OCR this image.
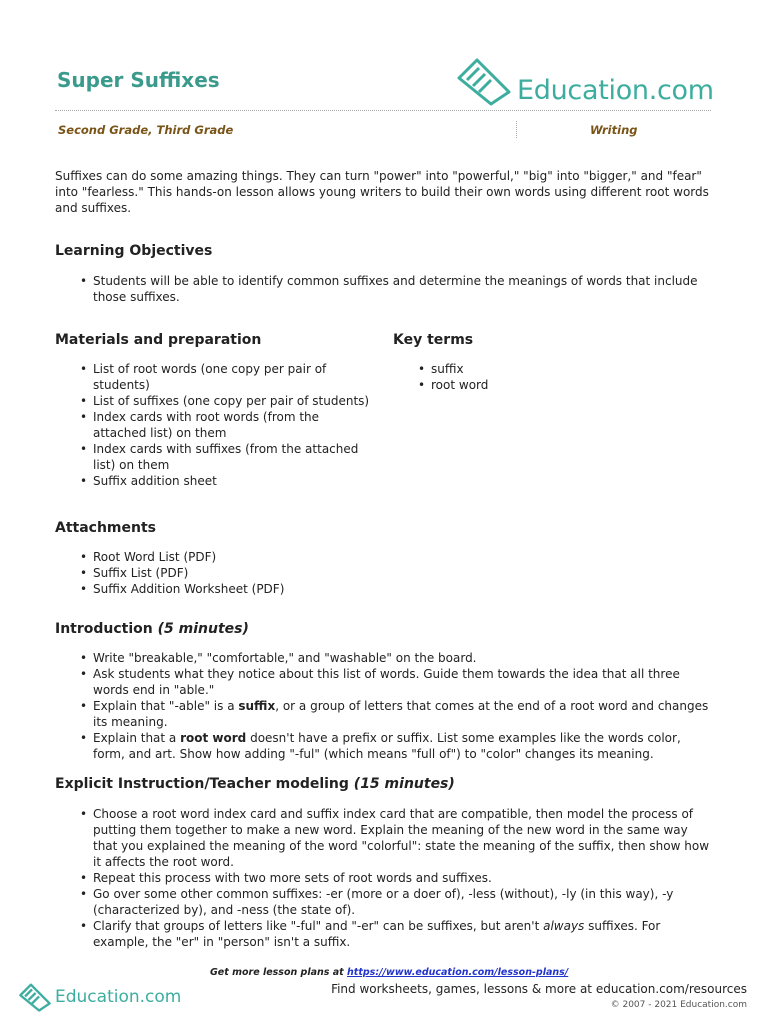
Super Suffixes	Education.com
Second Grade, Third Grade	Writing

Suffixes can do some amazing things. They can turn "power" into "powerful," "big" into "bigger," and "fear" into "fearless." This hands-on lesson allows young writers to build their own words using different root words and suffixes.

Learning Objectives
• Students will be able to identify common suffixes and determine the meanings of words that include those suffixes.
Materials and preparation
• List of root words (one copy per pair of students)
• List of suffixes (one copy per pair of students)
• Index cards with root words (from the attached list) on them
• Index cards with suffixes (from the attached list) on them
• Suffix addition sheet
Key terms
• suffix
• root word
Attachments
• Root Word List (PDF)
• Suffix List (PDF)
• Suffix Addition Worksheet (PDF)
Introduction (5 minutes)
• Write "breakable," "comfortable," and "washable" on the board.
• Ask students what they notice about this list of words. Guide them towards the idea that all three words end in "able."
• Explain that "-able" is a suffix, or a group of letters that comes at the end of a root word and changes its meaning.
• Explain that a root word doesn't have a prefix or suffix. List some examples like the words color, form, and art. Show how adding "-ful" (which means "full of") to "color" changes its meaning.
Explicit Instruction/Teacher modeling (15 minutes)
• Choose a root word index card and suffix index card that are compatible, then model the process of putting them together to make a new word. Explain the meaning of the new word in the same way that you explained the meaning of the word "colorful": state the meaning of the suffix, then show how it affects the root word.
• Repeat this process with two more sets of root words and suffixes.
• Go over some other common suffixes: -er (more or a doer of), -less (without), -ly (in this way), -y (characterized by), and -ness (the state of).
• Clarify that groups of letters like "-ful" and "-er" can be suffixes, but aren't always suffixes. For example, the "er" in "person" isn't a suffix.
Get more lesson plans at https://www.education.com/lesson-plans/
Education.com	Find worksheets, games, lessons & more at education.com/resources
© 2007 - 2021 Education.com
